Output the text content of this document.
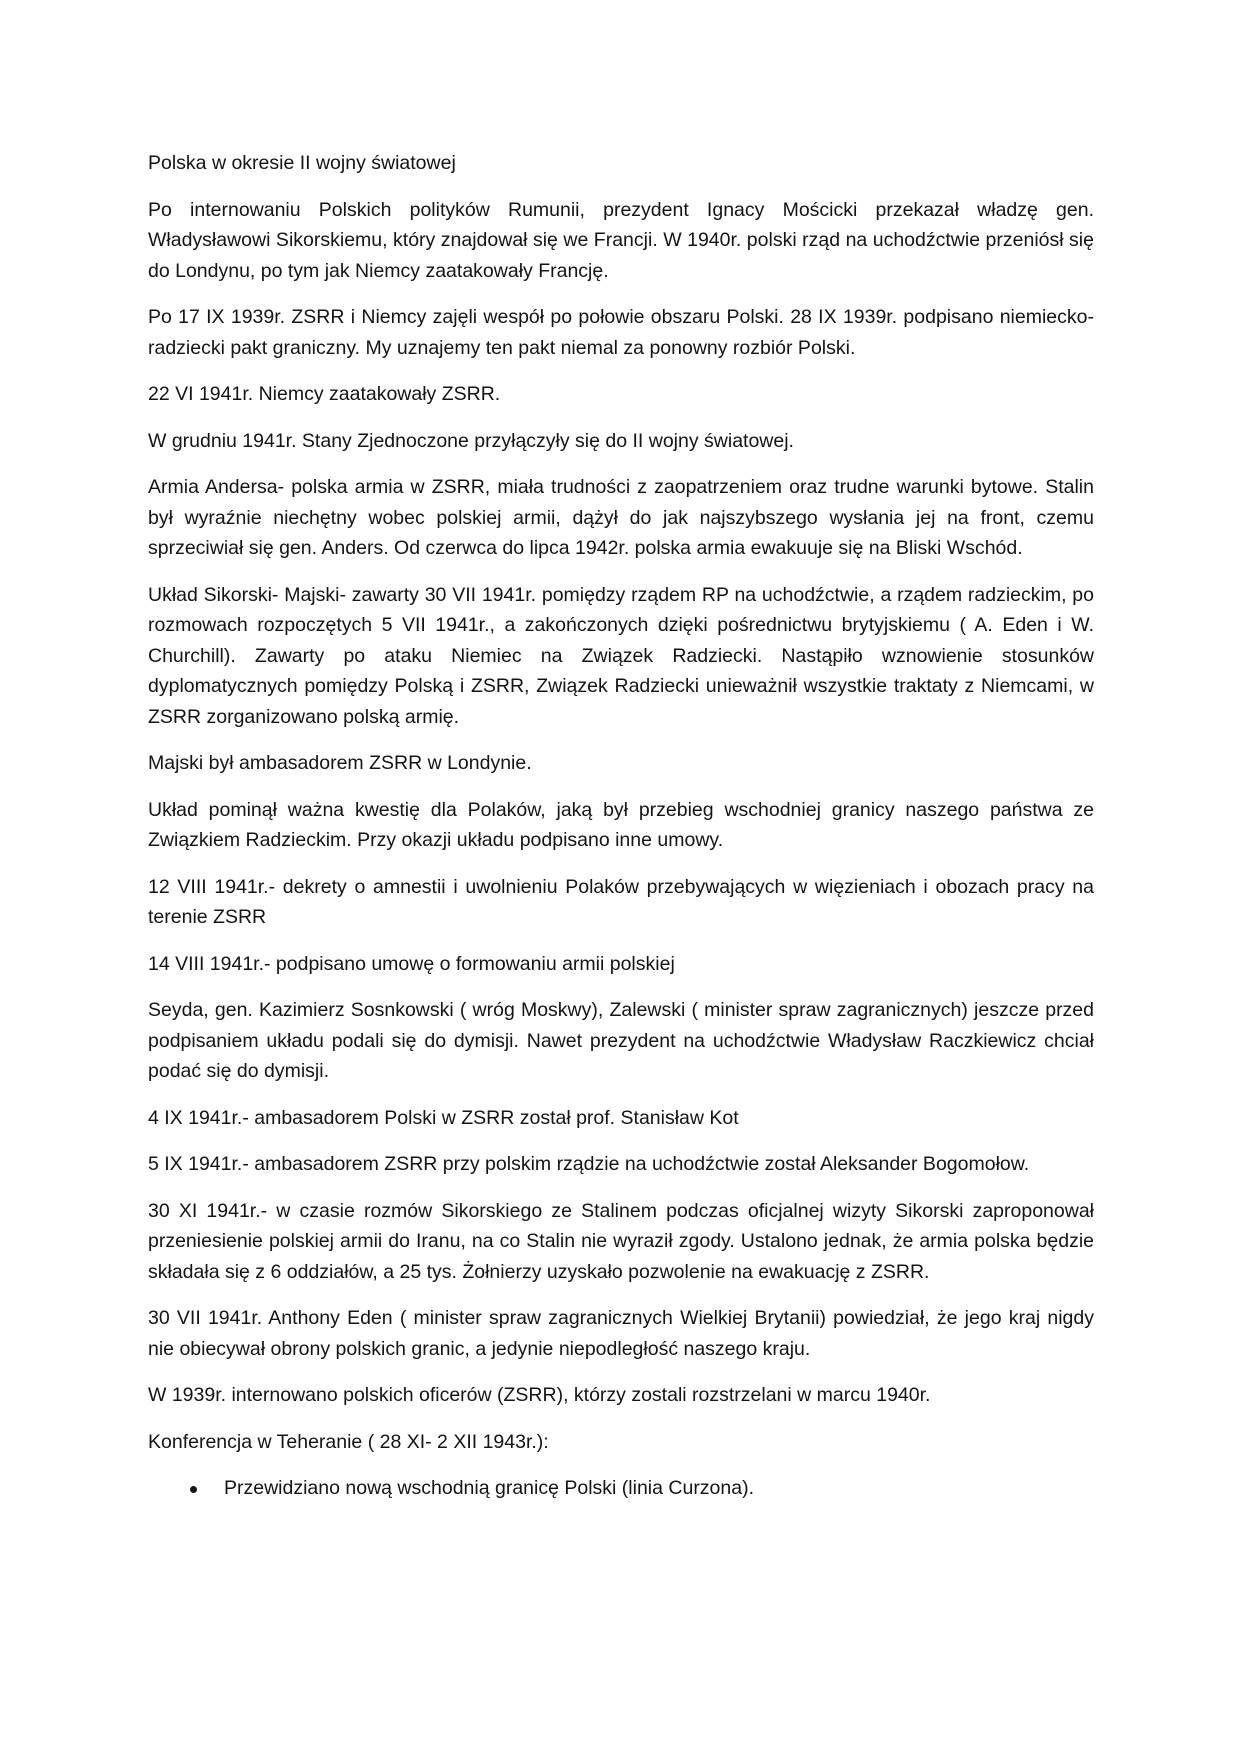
Polska w okresie II wojny światowej

Po internowaniu Polskich polityków Rumunii, prezydent Ignacy Mościcki przekazał władzę gen. Władysławowi Sikorskiemu, który znajdował się we Francji. W 1940r. polski rząd na uchodźctwie przeniósł się do Londynu, po tym jak Niemcy zaatakowały Francję.

Po 17 IX 1939r. ZSRR i Niemcy zajęli wespół po połowie obszaru Polski. 28 IX 1939r. podpisano niemiecko- radziecki pakt graniczny. My uznajemy ten pakt niemal za ponowny rozbiór Polski.

22 VI 1941r. Niemcy zaatakowały ZSRR.

W grudniu 1941r. Stany Zjednoczone przyłączyły się do II wojny światowej.

Armia Andersa- polska armia w ZSRR, miała trudności z zaopatrzeniem oraz trudne warunki bytowe. Stalin był wyraźnie niechętny wobec polskiej armii, dążył do jak najszybszego wysłania jej na front, czemu sprzeciwiał się gen. Anders. Od czerwca do lipca 1942r. polska armia ewakuuje się na Bliski Wschód.

Układ Sikorski- Majski- zawarty 30 VII 1941r. pomiędzy rządem RP na uchodźctwie, a rządem radzieckim, po rozmowach rozpoczętych 5 VII 1941r., a zakończonych dzięki pośrednictwu brytyjskiemu ( A. Eden i W. Churchill). Zawarty po ataku Niemiec na Związek Radziecki. Nastąpiło wznowienie stosunków dyplomatycznych pomiędzy Polską i ZSRR, Związek Radziecki unieważnił wszystkie traktaty z Niemcami, w ZSRR zorganizowano polską armię.

Majski był ambasadorem ZSRR w Londynie.

Układ pominął ważna kwestię dla Polaków, jaką był przebieg wschodniej granicy naszego państwa ze Związkiem Radzieckim. Przy okazji układu podpisano inne umowy.

12 VIII 1941r.- dekrety o amnestii i uwolnieniu Polaków przebywających w więzieniach i obozach pracy na terenie ZSRR

14 VIII 1941r.- podpisano umowę o formowaniu armii polskiej

Seyda, gen. Kazimierz Sosnkowski ( wróg Moskwy), Zalewski ( minister spraw zagranicznych) jeszcze przed podpisaniem układu podali się do dymisji. Nawet prezydent na uchodźctwie Władysław Raczkiewicz chciał podać się do dymisji.

4 IX 1941r.- ambasadorem Polski w ZSRR został prof. Stanisław Kot

5 IX 1941r.- ambasadorem ZSRR przy polskim rządzie na uchodźctwie został Aleksander Bogomołow.

30 XI 1941r.- w czasie rozmów Sikorskiego ze Stalinem podczas oficjalnej wizyty Sikorski zaproponował przeniesienie polskiej armii do Iranu, na co Stalin nie wyraził zgody. Ustalono jednak, że armia polska będzie składała się z 6 oddziałów, a 25 tys. Żołnierzy uzyskało pozwolenie na ewakuację z ZSRR.

30 VII 1941r. Anthony Eden ( minister spraw zagranicznych Wielkiej Brytanii) powiedział, że jego kraj nigdy nie obiecywał obrony polskich granic, a jedynie niepodległość naszego kraju.

W 1939r. internowano polskich oficerów (ZSRR), którzy zostali rozstrzelani w marcu 1940r.

Konferencja w Teheranie ( 28 XI- 2 XII 1943r.):

Przewidziano nową wschodnią granicę Polski (linia Curzona).
